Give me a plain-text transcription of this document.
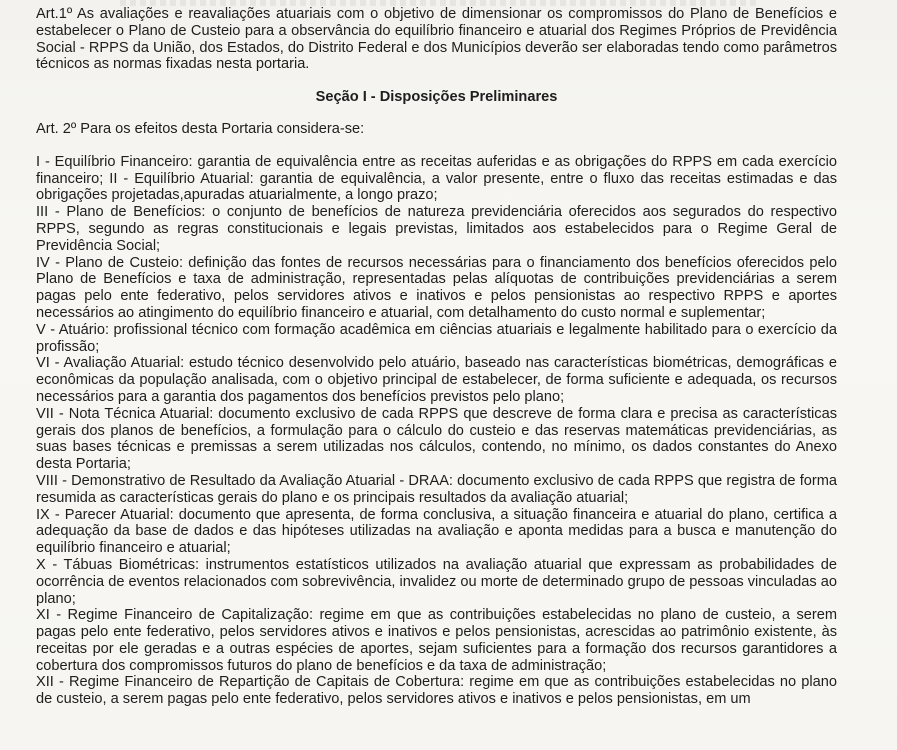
Art.1º As avaliações e reavaliações atuariais com o objetivo de dimensionar os compromissos do Plano de Benefícios e estabelecer o Plano de Custeio para a observância do equilíbrio financeiro e atuarial dos Regimes Próprios de Previdência Social - RPPS da União, dos Estados, do Distrito Federal e dos Municípios deverão ser elaboradas tendo como parâmetros técnicos as normas fixadas nesta portaria.

Seção I - Disposições Preliminares

Art. 2º Para os efeitos desta Portaria considera-se:

I - Equilíbrio Financeiro: garantia de equivalência entre as receitas auferidas e as obrigações do RPPS em cada exercício financeiro; II - Equilíbrio Atuarial: garantia de equivalência, a valor presente, entre o fluxo das receitas estimadas e das obrigações projetadas,apuradas atuarialmente, a longo prazo;

III - Plano de Benefícios: o conjunto de benefícios de natureza previdenciária oferecidos aos segurados do respectivo RPPS, segundo as regras constitucionais e legais previstas, limitados aos estabelecidos para o Regime Geral de Previdência Social;

IV - Plano de Custeio: definição das fontes de recursos necessárias para o financiamento dos benefícios oferecidos pelo Plano de Benefícios e taxa de administração, representadas pelas alíquotas de contribuições previdenciárias a serem pagas pelo ente federativo, pelos servidores ativos e inativos e pelos pensionistas ao respectivo RPPS e aportes necessários ao atingimento do equilíbrio financeiro e atuarial, com detalhamento do custo normal e suplementar;

V - Atuário: profissional técnico com formação acadêmica em ciências atuariais e legalmente habilitado para o exercício da profissão;

VI - Avaliação Atuarial: estudo técnico desenvolvido pelo atuário, baseado nas características biométricas, demográficas e econômicas da população analisada, com o objetivo principal de estabelecer, de forma suficiente e adequada, os recursos necessários para a garantia dos pagamentos dos benefícios previstos pelo plano;

VII - Nota Técnica Atuarial: documento exclusivo de cada RPPS que descreve de forma clara e precisa as características gerais dos planos de benefícios, a formulação para o cálculo do custeio e das reservas matemáticas previdenciárias, as suas bases técnicas e premissas a serem utilizadas nos cálculos, contendo, no mínimo, os dados constantes do Anexo desta Portaria;

VIII - Demonstrativo de Resultado da Avaliação Atuarial - DRAA: documento exclusivo de cada RPPS que registra de forma resumida as características gerais do plano e os principais resultados da avaliação atuarial;

IX - Parecer Atuarial: documento que apresenta, de forma conclusiva, a situação financeira e atuarial do plano, certifica a adequação da base de dados e das hipóteses utilizadas na avaliação e aponta medidas para a busca e manutenção do equilíbrio financeiro e atuarial;

X - Tábuas Biométricas: instrumentos estatísticos utilizados na avaliação atuarial que expressam as probabilidades de ocorrência de eventos relacionados com sobrevivência, invalidez ou morte de determinado grupo de pessoas vinculadas ao plano;

XI - Regime Financeiro de Capitalização: regime em que as contribuições estabelecidas no plano de custeio, a serem pagas pelo ente federativo, pelos servidores ativos e inativos e pelos pensionistas, acrescidas ao patrimônio existente, às receitas por ele geradas e a outras espécies de aportes, sejam suficientes para a formação dos recursos garantidores a cobertura dos compromissos futuros do plano de benefícios e da taxa de administração;

XII - Regime Financeiro de Repartição de Capitais de Cobertura: regime em que as contribuições estabelecidas no plano de custeio, a serem pagas pelo ente federativo, pelos servidores ativos e inativos e pelos pensionistas, em um
